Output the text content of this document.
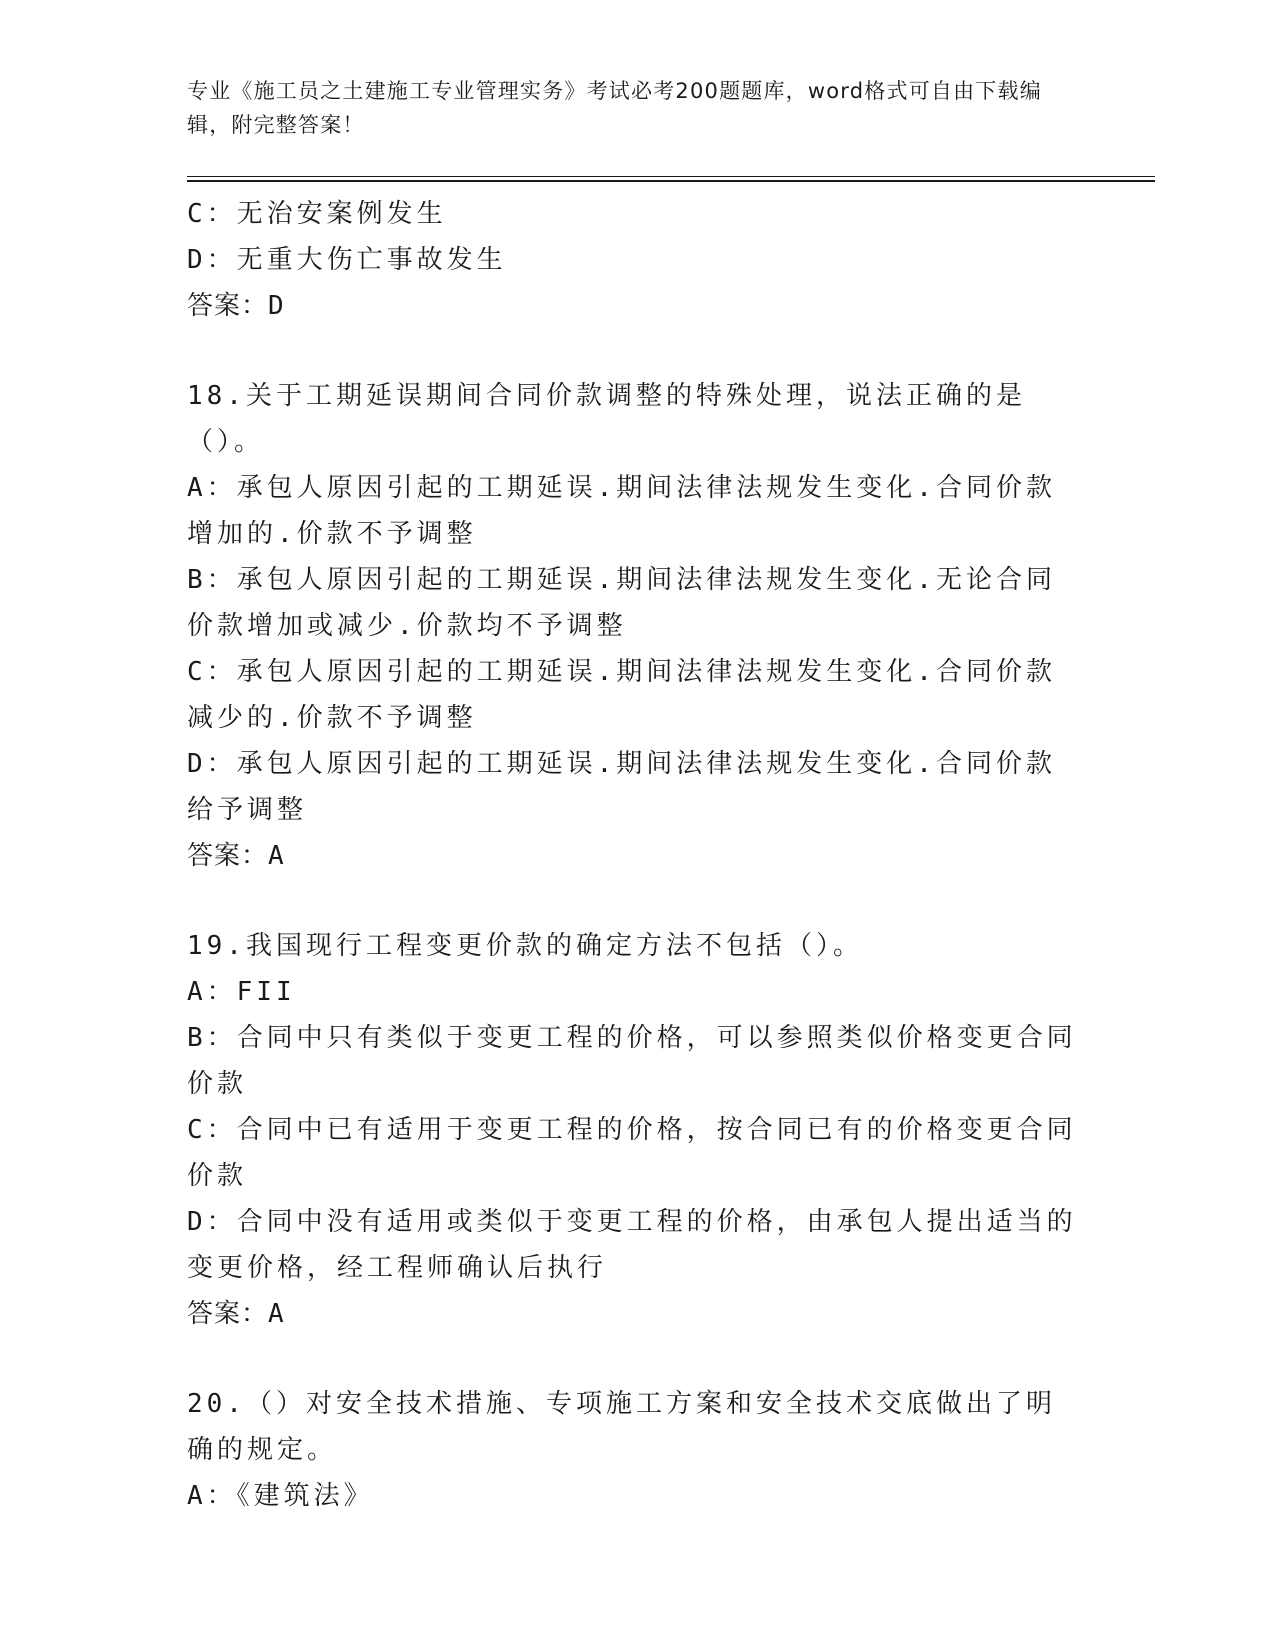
专业《施工员之土建施工专业管理实务》考试必考200题题库，word格式可自由下载编辑，附完整答案！
C：无治安案例发生
D：无重大伤亡事故发生
答案：D
18.关于工期延误期间合同价款调整的特殊处理，说法正确的是（）。
A：承包人原因引起的工期延误.期间法律法规发生变化.合同价款增加的.价款不予调整
B：承包人原因引起的工期延误.期间法律法规发生变化.无论合同价款增加或减少.价款均不予调整
C：承包人原因引起的工期延误.期间法律法规发生变化.合同价款减少的.价款不予调整
D：承包人原因引起的工期延误.期间法律法规发生变化.合同价款给予调整
答案：A
19.我国现行工程变更价款的确定方法不包括（）。
A：FII
B：合同中只有类似于变更工程的价格，可以参照类似价格变更合同价款
C：合同中已有适用于变更工程的价格，按合同已有的价格变更合同价款
D：合同中没有适用或类似于变更工程的价格，由承包人提出适当的变更价格，经工程师确认后执行
答案：A
20.（）对安全技术措施、专项施工方案和安全技术交底做出了明确的规定。
A：《建筑法》
